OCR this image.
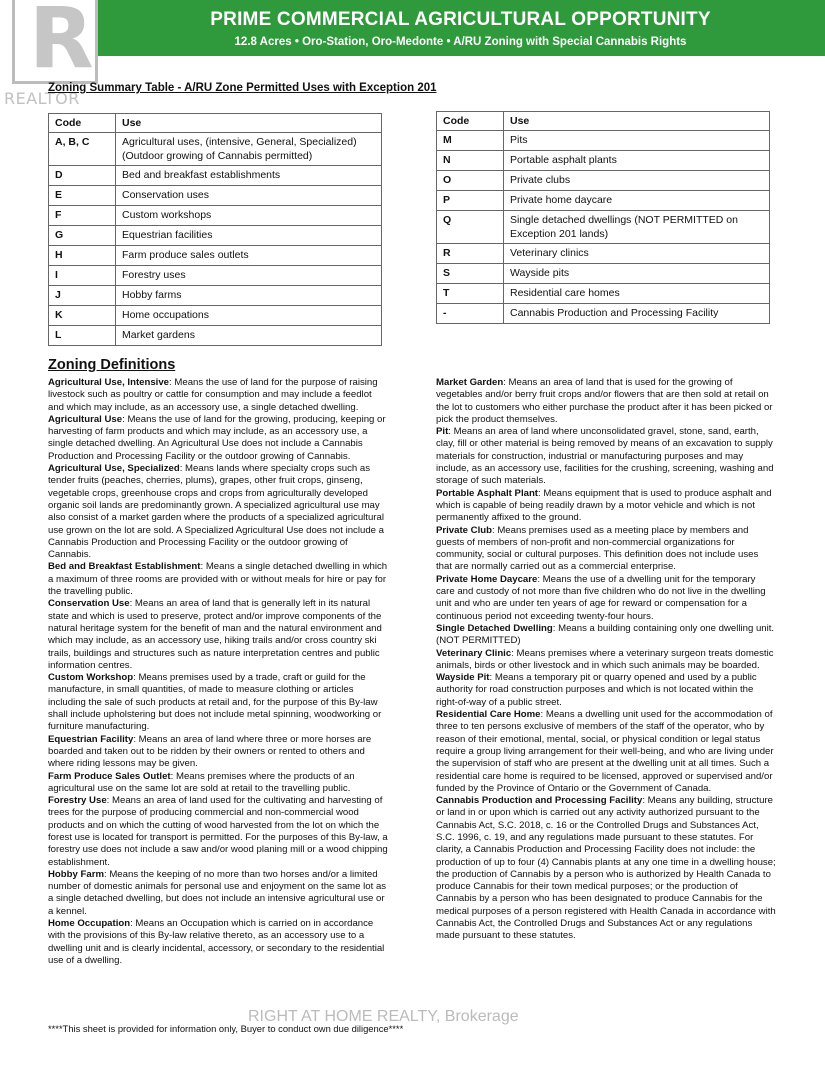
PRIME COMMERCIAL AGRICULTURAL OPPORTUNITY
12.8 Acres • Oro-Station, Oro-Medonte • A/RU Zoning with Special Cannabis Rights
R
REALTOR
Zoning Summary Table - A/RU Zone Permitted Uses with Exception 201
Code	Use
A, B, C	Agricultural uses, (intensive, General, Specialized) (Outdoor growing of Cannabis permitted)
D	Bed and breakfast establishments
E	Conservation uses
F	Custom workshops
G	Equestrian facilities
H	Farm produce sales outlets
I	Forestry uses
J	Hobby farms
K	Home occupations
L	Market gardens
Code	Use
M	Pits
N	Portable asphalt plants
O	Private clubs
P	Private home daycare
Q	Single detached dwellings (NOT PERMITTED on Exception 201 lands)
R	Veterinary clinics
S	Wayside pits
T	Residential care homes
-	Cannabis Production and Processing Facility
Zoning Definitions

Agricultural Use, Intensive: Means the use of land for the purpose of raising livestock such as poultry or cattle for consumption and may include a feedlot and which may include, as an accessory use, a single detached dwelling.

Agricultural Use: Means the use of land for the growing, producing, keeping or harvesting of farm products and which may include, as an accessory use, a single detached dwelling. An Agricultural Use does not include a Cannabis Production and Processing Facility or the outdoor growing of Cannabis.

Agricultural Use, Specialized: Means lands where specialty crops such as tender fruits (peaches, cherries, plums), grapes, other fruit crops, ginseng, vegetable crops, greenhouse crops and crops from agriculturally developed organic soil lands are predominantly grown. A specialized agricultural use may also consist of a market garden where the products of a specialized agricultural use grown on the lot are sold. A Specialized Agricultural Use does not include a Cannabis Production and Processing Facility or the outdoor growing of Cannabis.

Bed and Breakfast Establishment: Means a single detached dwelling in which a maximum of three rooms are provided with or without meals for hire or pay for the travelling public.

Conservation Use: Means an area of land that is generally left in its natural state and which is used to preserve, protect and/or improve components of the natural heritage system for the benefit of man and the natural environment and which may include, as an accessory use, hiking trails and/or cross country ski trails, buildings and structures such as nature interpretation centres and public information centres.

Custom Workshop: Means premises used by a trade, craft or guild for the manufacture, in small quantities, of made to measure clothing or articles including the sale of such products at retail and, for the purpose of this By-law shall include upholstering but does not include metal spinning, woodworking or furniture manufacturing.

Equestrian Facility: Means an area of land where three or more horses are boarded and taken out to be ridden by their owners or rented to others and where riding lessons may be given.

Farm Produce Sales Outlet: Means premises where the products of an agricultural use on the same lot are sold at retail to the travelling public.

Forestry Use: Means an area of land used for the cultivating and harvesting of trees for the purpose of producing commercial and non-commercial wood products and on which the cutting of wood harvested from the lot on which the forest use is located for transport is permitted. For the purposes of this By-law, a forestry use does not include a saw and/or wood planing mill or a wood chipping establishment.

Hobby Farm: Means the keeping of no more than two horses and/or a limited number of domestic animals for personal use and enjoyment on the same lot as a single detached dwelling, but does not include an intensive agricultural use or a kennel.

Home Occupation: Means an Occupation which is carried on in accordance with the provisions of this By-law relative thereto, as an accessory use to a dwelling unit and is clearly incidental, accessory, or secondary to the residential use of a dwelling.

Market Garden: Means an area of land that is used for the growing of vegetables and/or berry fruit crops and/or flowers that are then sold at retail on the lot to customers who either purchase the product after it has been picked or pick the product themselves.

Pit: Means an area of land where unconsolidated gravel, stone, sand, earth, clay, fill or other material is being removed by means of an excavation to supply materials for construction, industrial or manufacturing purposes and may include, as an accessory use, facilities for the crushing, screening, washing and storage of such materials.

Portable Asphalt Plant: Means equipment that is used to produce asphalt and which is capable of being readily drawn by a motor vehicle and which is not permanently affixed to the ground.

Private Club: Means premises used as a meeting place by members and guests of members of non-profit and non-commercial organizations for community, social or cultural purposes. This definition does not include uses that are normally carried out as a commercial enterprise.

Private Home Daycare: Means the use of a dwelling unit for the temporary care and custody of not more than five children who do not live in the dwelling unit and who are under ten years of age for reward or compensation for a continuous period not exceeding twenty-four hours.

Single Detached Dwelling: Means a building containing only one dwelling unit. (NOT PERMITTED)

Veterinary Clinic: Means premises where a veterinary surgeon treats domestic animals, birds or other livestock and in which such animals may be boarded.

Wayside Pit: Means a temporary pit or quarry opened and used by a public authority for road construction purposes and which is not located within the right-of-way of a public street.

Residential Care Home: Means a dwelling unit used for the accommodation of three to ten persons exclusive of members of the staff of the operator, who by reason of their emotional, mental, social, or physical condition or legal status require a group living arrangement for their well-being, and who are living under the supervision of staff who are present at the dwelling unit at all times. Such a residential care home is required to be licensed, approved or supervised and/or funded by the Province of Ontario or the Government of Canada.

Cannabis Production and Processing Facility: Means any building, structure or land in or upon which is carried out any activity authorized pursuant to the Cannabis Act, S.C. 2018, c. 16 or the Controlled Drugs and Substances Act, S.C. 1996, c. 19, and any regulations made pursuant to these statutes. For clarity, a Cannabis Production and Processing Facility does not include: the production of up to four (4) Cannabis plants at any one time in a dwelling house; the production of Cannabis by a person who is authorized by Health Canada to produce Cannabis for their town medical purposes; or the production of Cannabis by a person who has been designated to produce Cannabis for the medical purposes of a person registered with Health Canada in accordance with Cannabis Act, the Controlled Drugs and Substances Act or any regulations made pursuant to these statutes.

****This sheet is provided for information only, Buyer to conduct own due diligence****
RIGHT AT HOME REALTY, Brokerage
